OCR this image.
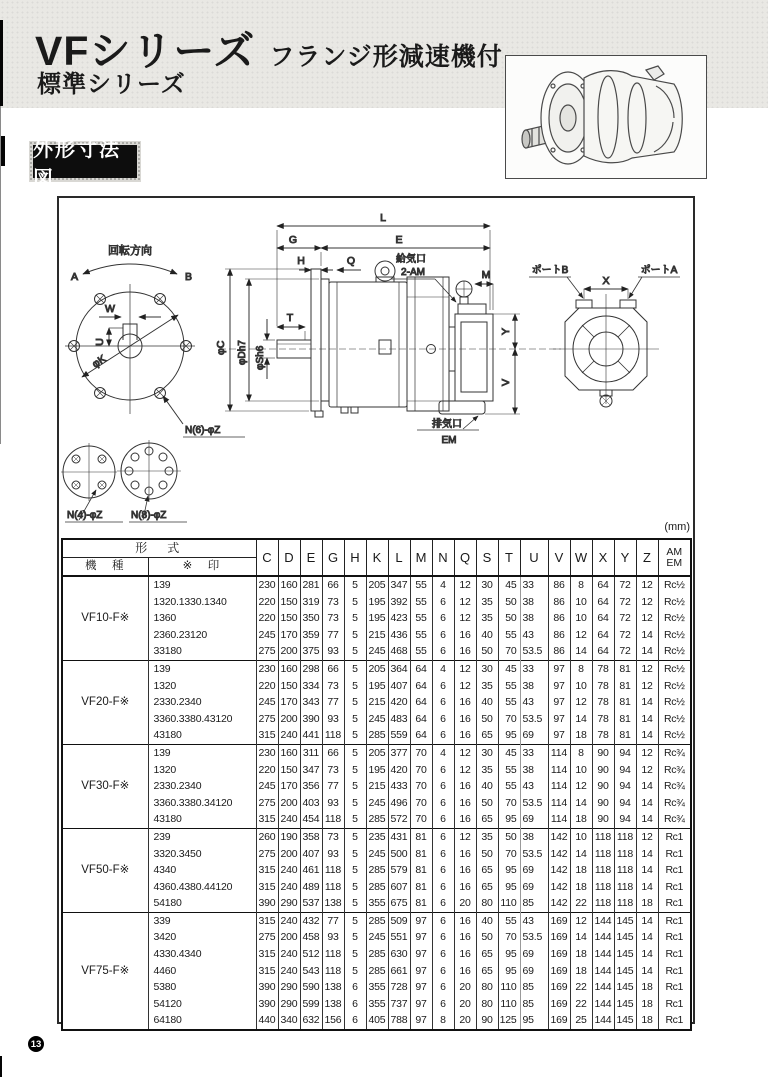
VFシリーズ フランジ形減速機付
標準シリーズ
外形寸法図
W
U
φK
回転方向
A	B
N(6)-φZ
N(4)-φZ	N(8)-φZ
φC φDh7 φSh6
L
G	E
H	Q
T
給気口
2-AM	M
Y
V
排気口
EM
X
ポートB	ポートA
(mm)
形　式		C	D	E	G	H	K	L	M	N	Q	S	T	U	V	W	X	Y	Z	AM
EM

機　種	※　印																			
VF10-F※	139	230	160	281	66	5	205	347	55	4	12	30	45	33	86	8	64	72	12	Rc½
	1320.1330.1340	220	150	319	73	5	195	392	55	6	12	35	50	38	86	10	64	72	12	Rc½
	1360	220	150	350	73	5	195	423	55	6	12	35	50	38	86	10	64	72	12	Rc½
	2360.23120	245	170	359	77	5	215	436	55	6	16	40	55	43	86	12	64	72	14	Rc½
	33180	275	200	375	93	5	245	468	55	6	16	50	70	53.5	86	14	64	72	14	Rc½
VF20-F※	139	230	160	298	66	5	205	364	64	4	12	30	45	33	97	8	78	81	12	Rc½
	1320	220	150	334	73	5	195	407	64	6	12	35	55	38	97	10	78	81	12	Rc½
	2330.2340	245	170	343	77	5	215	420	64	6	16	40	55	43	97	12	78	81	14	Rc½
	3360.3380.43120	275	200	390	93	5	245	483	64	6	16	50	70	53.5	97	14	78	81	14	Rc½
	43180	315	240	441	118	5	285	559	64	6	16	65	95	69	97	18	78	81	14	Rc½
VF30-F※	139	230	160	311	66	5	205	377	70	4	12	30	45	33	114	8	90	94	12	Rc¾
	1320	220	150	347	73	5	195	420	70	6	12	35	55	38	114	10	90	94	12	Rc¾
	2330.2340	245	170	356	77	5	215	433	70	6	16	40	55	43	114	12	90	94	14	Rc¾
	3360.3380.34120	275	200	403	93	5	245	496	70	6	16	50	70	53.5	114	14	90	94	14	Rc¾
	43180	315	240	454	118	5	285	572	70	6	16	65	95	69	114	18	90	94	14	Rc¾
VF50-F※	239	260	190	358	73	5	235	431	81	6	12	35	50	38	142	10	118	118	12	Rc1
	3320.3450	275	200	407	93	5	245	500	81	6	16	50	70	53.5	142	14	118	118	14	Rc1
	4340	315	240	461	118	5	285	579	81	6	16	65	95	69	142	18	118	118	14	Rc1
	4360.4380.44120	315	240	489	118	5	285	607	81	6	16	65	95	69	142	18	118	118	14	Rc1
	54180	390	290	537	138	5	355	675	81	6	20	80	110	85	142	22	118	118	18	Rc1
VF75-F※	339	315	240	432	77	5	285	509	97	6	16	40	55	43	169	12	144	145	14	Rc1
	3420	275	200	458	93	5	245	551	97	6	16	50	70	53.5	169	14	144	145	14	Rc1
	4330.4340	315	240	512	118	5	285	630	97	6	16	65	95	69	169	18	144	145	14	Rc1
	4460	315	240	543	118	5	285	661	97	6	16	65	95	69	169	18	144	145	14	Rc1
	5380	390	290	590	138	6	355	728	97	6	20	80	110	85	169	22	144	145	18	Rc1
	54120	390	290	599	138	6	355	737	97	6	20	80	110	85	169	22	144	145	18	Rc1
	64180	440	340	632	156	6	405	788	97	8	20	90	125	95	169	25	144	145	18	Rc1
13
